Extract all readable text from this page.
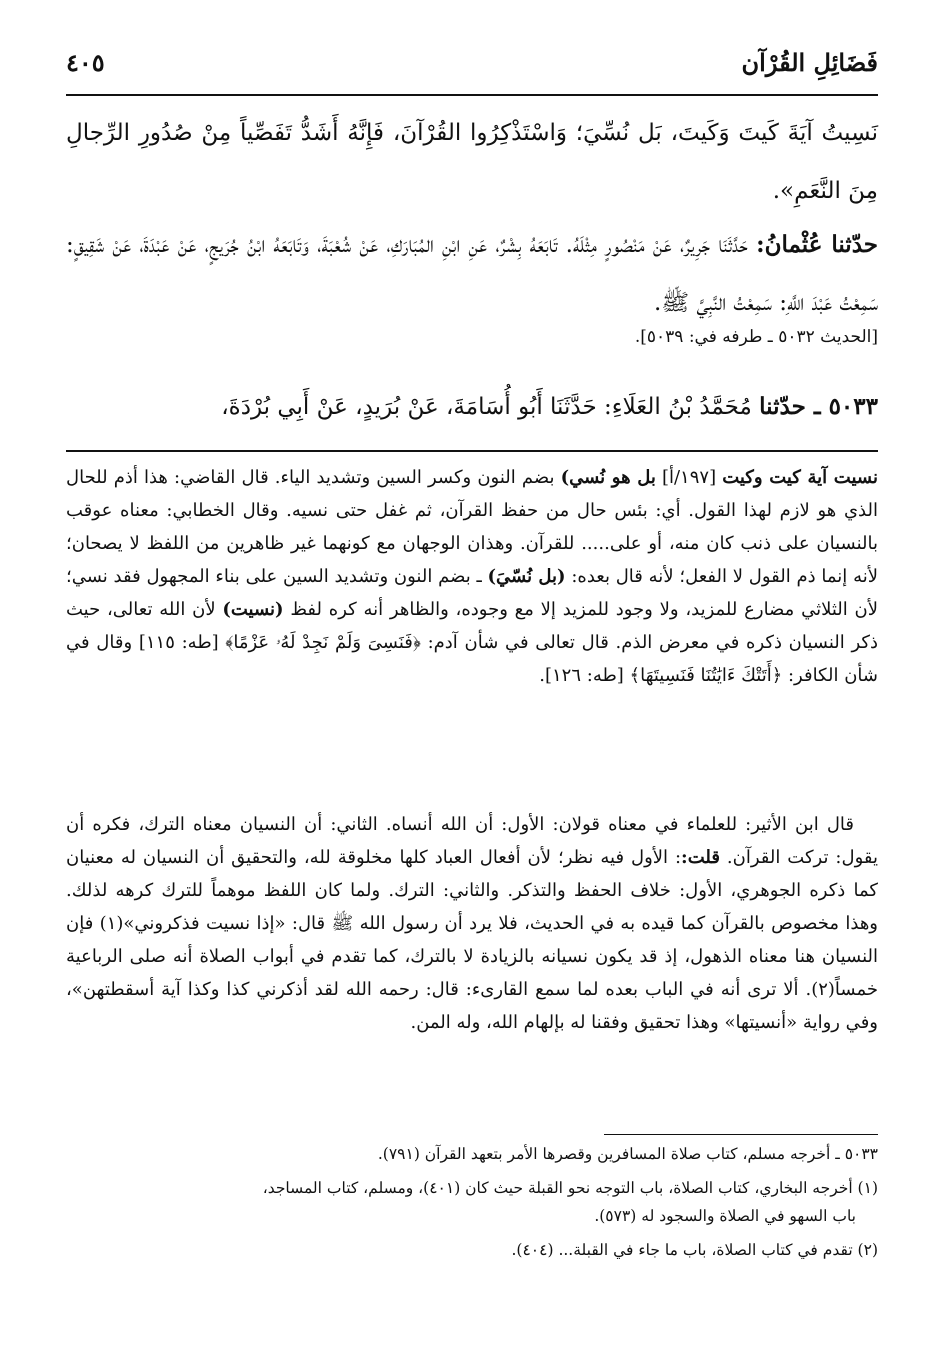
٤٠٥	فَضَائِلِ القُرْآن
نَسِيتُ آيَةَ كَيتَ وَكَيتَ، بَل نُسِّيَ؛ وَاسْتَذْكِرُوا القُرْآنَ، فَإِنَّهُ أَشَدُّ تَفَصِّياً مِنْ صُدُورِ الرِّجالِ مِنَ النَّعَمِ».
حدّثنا عُثْمانُ: حَدَّثَنَا جَرِيرٌ، عَنْ مَنْصُورٍ مِثْلَهُ. تَابَعَهُ بِشْرٌ، عَنِ ابْنِ المُبَارَكِ، عَنْ شُعْبَةَ، وَتَابَعَهُ ابْنُ جُرَيجٍ، عَنْ عَبْدَةَ، عَنْ شَقِيقٍ: سَمِعْتُ عَبْدَ اللَّهِ: سَمِعْتُ النَّبِيَّ ﷺ.
[الحديث ٥٠٣٢ ـ طرفه في: ٥٠٣٩].
٥٠٣٣ ـ حدّثنا مُحَمَّدُ بْنُ العَلَاءِ: حَدَّثَنَا أَبُو أُسَامَةَ، عَنْ بُرَيدٍ، عَنْ أَبِي بُرْدَةَ،
نسيت آية كيت وكيت [١٩٧/أ] بل هو نُسي) بضم النون وكسر السين وتشديد الياء. قال القاضي: هذا أذم للحال الذي هو لازم لهذا القول. أي: بئس حال من حفظ القرآن، ثم غفل حتى نسيه. وقال الخطابي: معناه عوقب بالنسيان على ذنب كان منه، أو على..... للقرآن. وهذان الوجهان مع كونهما غير ظاهرين من اللفظ لا يصحان؛ لأنه إنما ذم القول لا الفعل؛ لأنه قال بعده: (بل نُسّيَ) ـ بضم النون وتشديد السين على بناء المجهول فقد نسي؛ لأن الثلاثي مضارع للمزيد، ولا وجود للمزيد إلا مع وجوده، والظاهر أنه كره لفظ (نسيت) لأن الله تعالى، حيث ذكر النسيان ذكره في معرض الذم. قال تعالى في شأن آدم: ﴿فَنَسِىَ وَلَمْ نَجِدْ لَهُۥ عَزْمًا﴾ [طه: ١١٥] وقال في شأن الكافر: ﴿أَتَتْكَ ءَايَٰتُنَا فَنَسِيتَهَا﴾ [طه: ١٢٦].
قال ابن الأثير: للعلماء في معناه قولان: الأول: أن الله أنساه. الثاني: أن النسيان معناه الترك، فكره أن يقول: تركت القرآن. قلت:: الأول فيه نظر؛ لأن أفعال العباد كلها مخلوقة لله، والتحقيق أن النسيان له معنيان كما ذكره الجوهري، الأول: خلاف الحفظ والتذكر. والثاني: الترك. ولما كان اللفظ موهماً للترك كرهه لذلك. وهذا مخصوص بالقرآن كما قيده به في الحديث، فلا يرد أن رسول الله ﷺ قال: «إذا نسيت فذكروني»(١) فإن النسيان هنا معناه الذهول، إذ قد يكون نسيانه بالزيادة لا بالترك، كما تقدم في أبواب الصلاة أنه صلى الرباعية خمساً(٢). ألا ترى أنه في الباب بعده لما سمع القارىء: قال: رحمه الله لقد أذكرني كذا وكذا آية أسقطتهن»، وفي رواية «أنسيتها» وهذا تحقيق وفقنا له بإلهام الله، وله المن.
٥٠٣٣ ـ أخرجه مسلم، كتاب صلاة المسافرين وقصرها الأمر بتعهد القرآن (٧٩١).
(١) أخرجه البخاري، كتاب الصلاة، باب التوجه نحو القبلة حيث كان (٤٠١)، ومسلم، كتاب المساجد،
باب السهو في الصلاة والسجود له (٥٧٣).
(٢) تقدم في كتاب الصلاة، باب ما جاء في القبلة... (٤٠٤).
